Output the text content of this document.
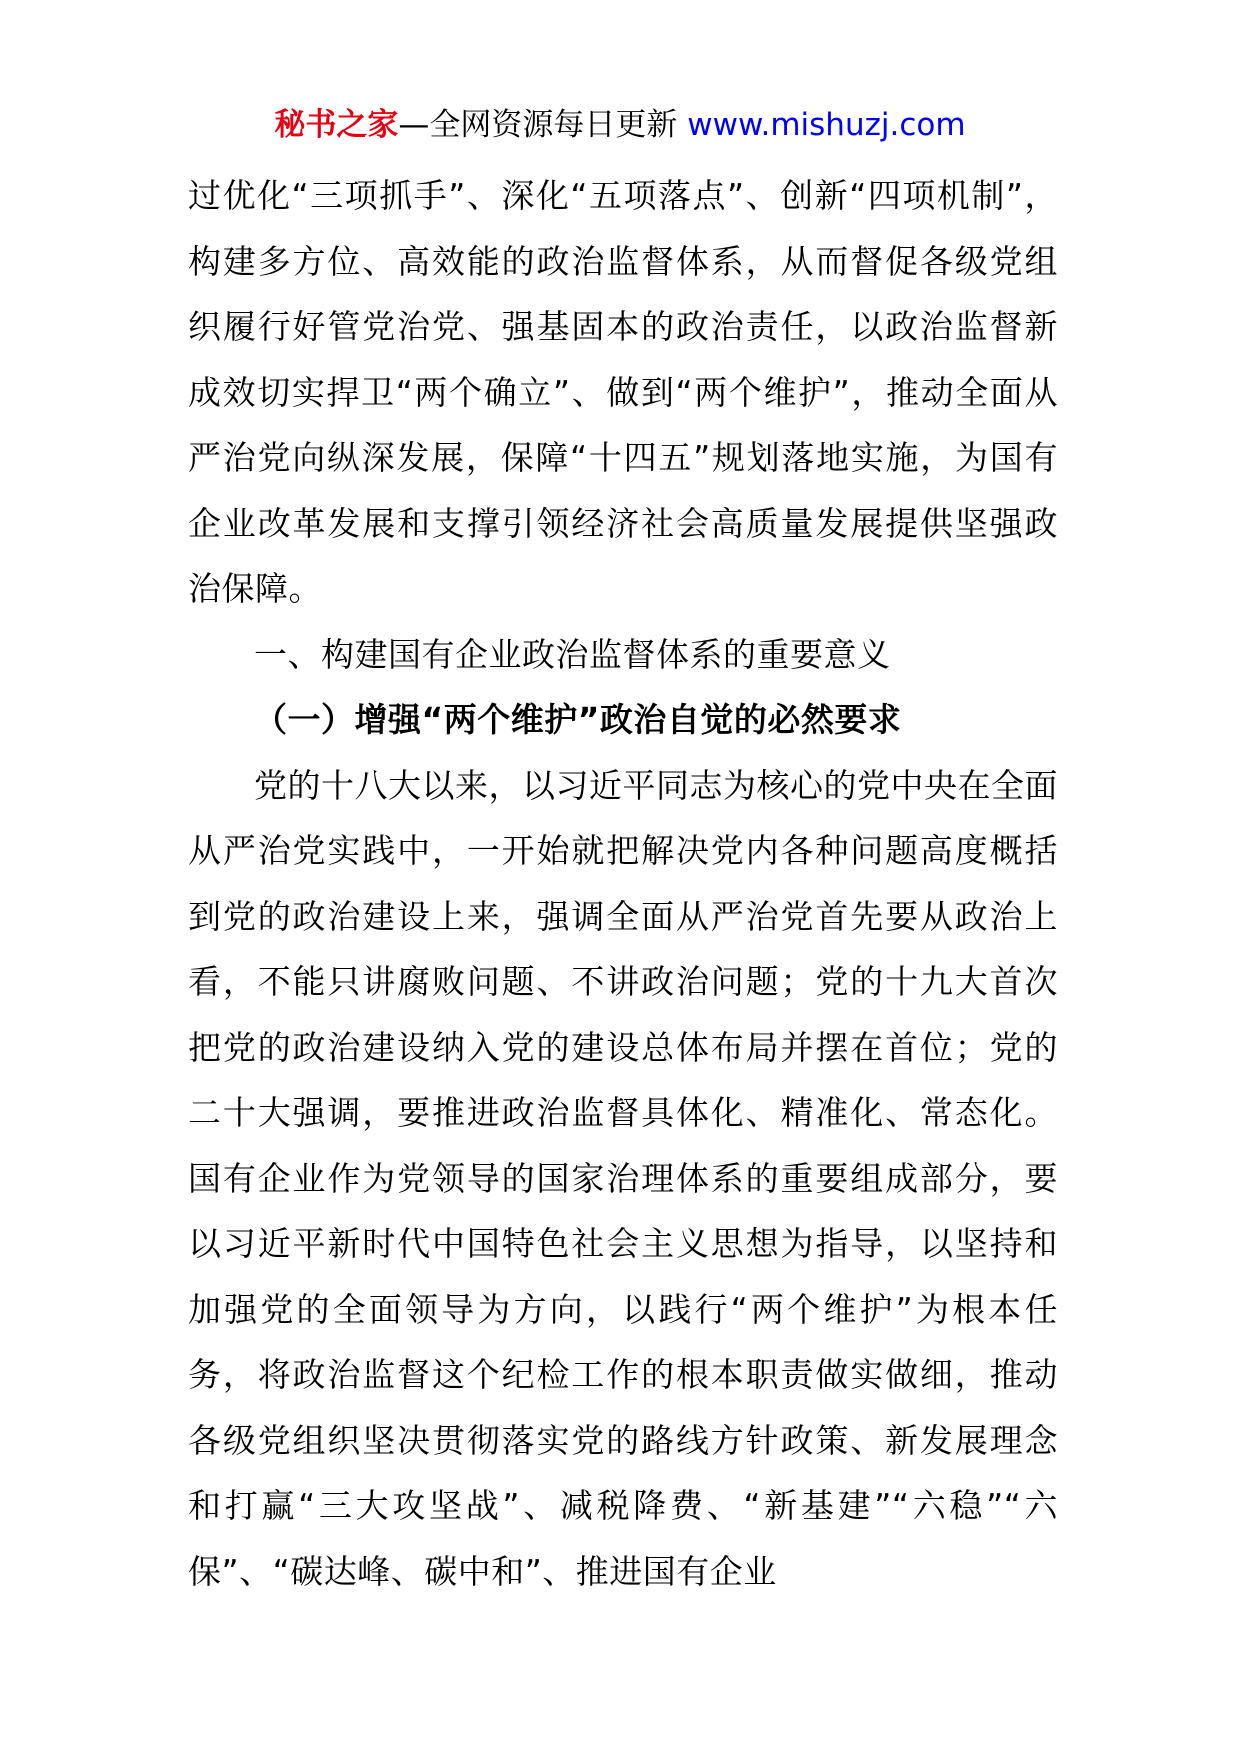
秘书之家—全网资源每日更新 www.mishuzj.com

过优化“三项抓手”、深化“五项落点”、创新“四项机制”，构建多方位、高效能的政治监督体系，从而督促各级党组织履行好管党治党、强基固本的政治责任，以政治监督新成效切实捍卫“两个确立”、做到“两个维护”，推动全面从严治党向纵深发展，保障“十四五”规划落地实施，为国有企业改革发展和支撑引领经济社会高质量发展提供坚强政治保障。

一、构建国有企业政治监督体系的重要意义

（一）增强“两个维护”政治自觉的必然要求

党的十八大以来，以习近平同志为核心的党中央在全面从严治党实践中，一开始就把解决党内各种问题高度概括到党的政治建设上来，强调全面从严治党首先要从政治上看，不能只讲腐败问题、不讲政治问题；党的十九大首次把党的政治建设纳入党的建设总体布局并摆在首位；党的二十大强调，要推进政治监督具体化、精准化、常态化。国有企业作为党领导的国家治理体系的重要组成部分，要以习近平新时代中国特色社会主义思想为指导，以坚持和加强党的全面领导为方向，以践行“两个维护”为根本任务，将政治监督这个纪检工作的根本职责做实做细，推动各级党组织坚决贯彻落实党的路线方针政策、新发展理念和打赢“三大攻坚战”、减税降费、“新基建”“六稳”“六保”、“碳达峰、碳中和”、推进国有企业
